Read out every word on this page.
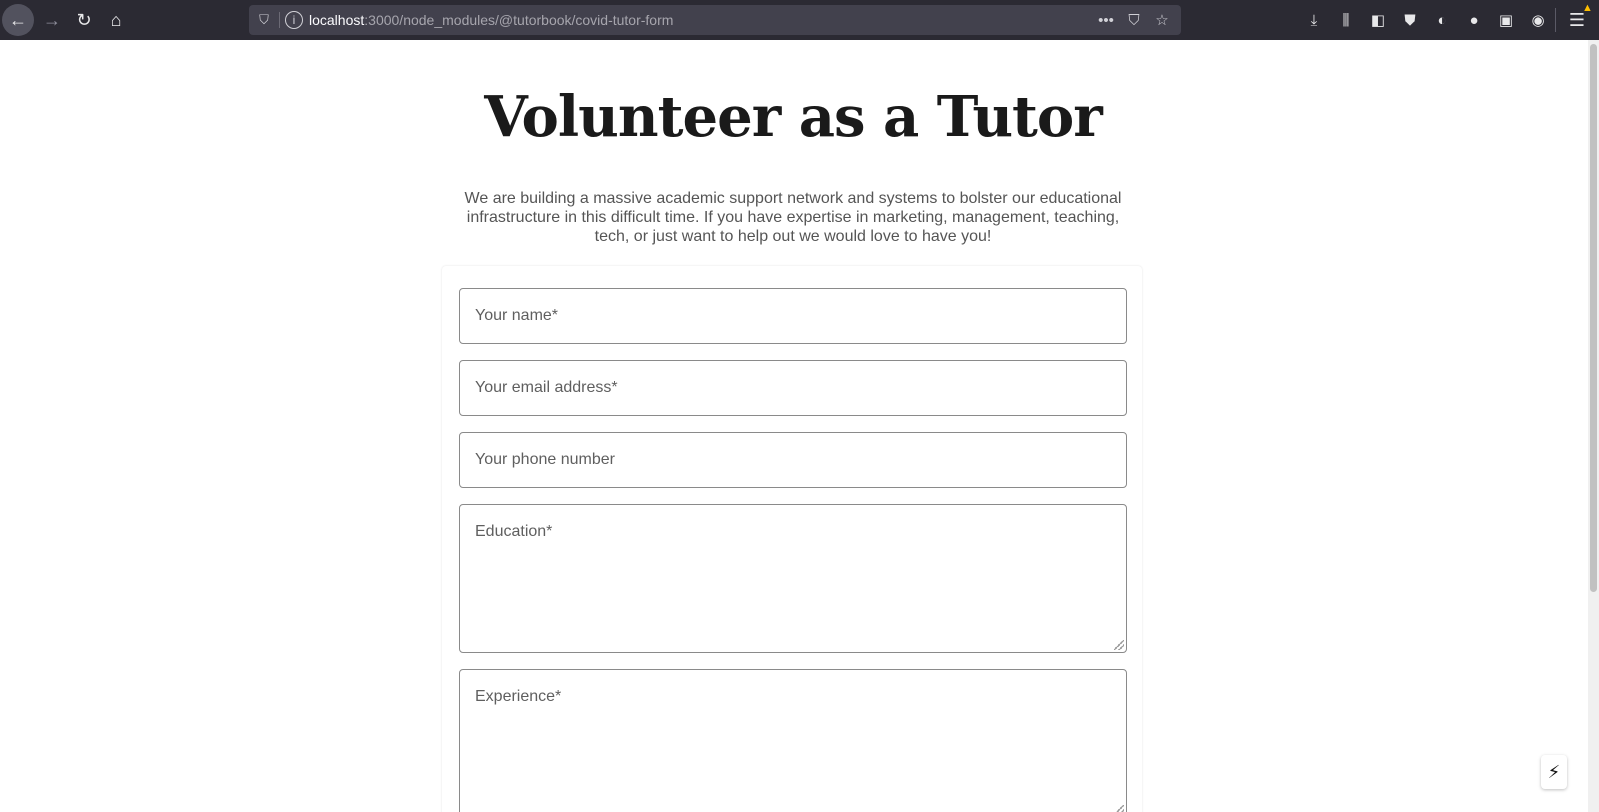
← → ↻	⌂	⛉	i localhost:3000/node_modules/@tutorbook/covid-tutor-form	••• ⛉	☆	⤓	⫼	◧	⛊	◐	●	▣	◉	☰
▲
Volunteer as a Tutor

We are building a massive academic support network and systems to bolster our educational infrastructure in this difficult time. If you have expertise in marketing, management, teaching, tech, or just want to help out we would love to have you!

Your name*
Your email address*
Your phone number
Education*
Experience*
⚡
